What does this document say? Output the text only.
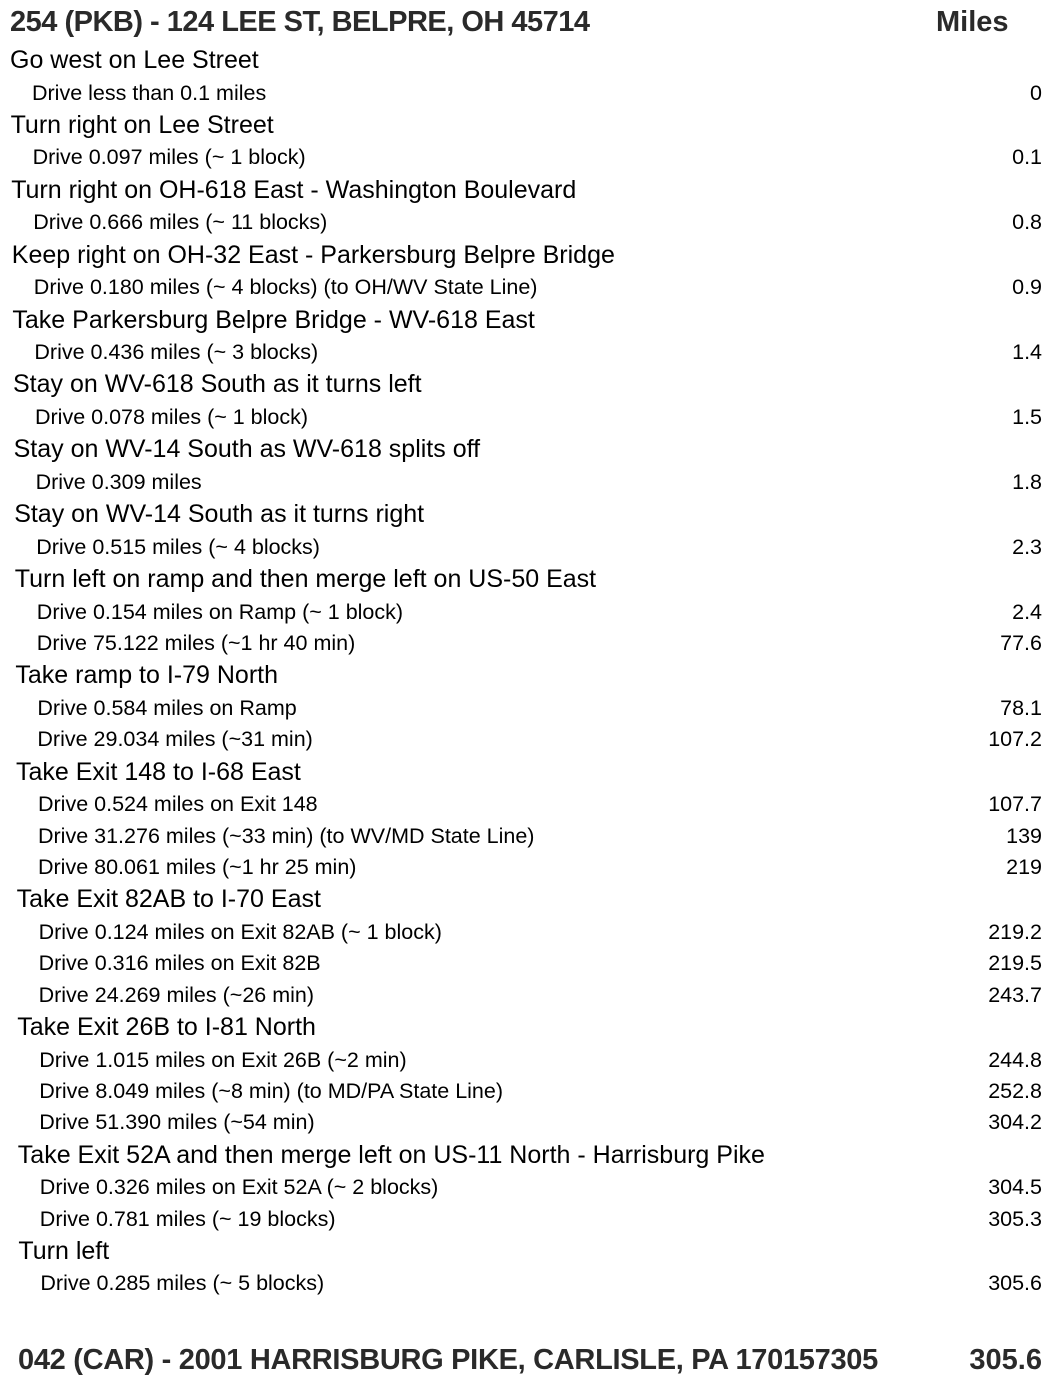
254 (PKB) - 124 LEE ST, BELPRE, OH 45714	Miles
Go west on Lee Street
Drive less than 0.1 miles	0
Turn right on Lee Street
Drive 0.097 miles (~ 1 block)	0.1
Turn right on OH-618 East - Washington Boulevard
Drive 0.666 miles (~ 11 blocks)	0.8
Keep right on OH-32 East - Parkersburg Belpre Bridge
Drive 0.180 miles (~ 4 blocks) (to OH/WV State Line)	0.9
Take Parkersburg Belpre Bridge - WV-618 East
Drive 0.436 miles (~ 3 blocks)	1.4
Stay on WV-618 South as it turns left
Drive 0.078 miles (~ 1 block)	1.5
Stay on WV-14 South as WV-618 splits off
Drive 0.309 miles	1.8
Stay on WV-14 South as it turns right
Drive 0.515 miles (~ 4 blocks)	2.3
Turn left on ramp and then merge left on US-50 East
Drive 0.154 miles on Ramp (~ 1 block)	2.4
Drive 75.122 miles (~1 hr 40 min)	77.6
Take ramp to I-79 North
Drive 0.584 miles on Ramp	78.1
Drive 29.034 miles (~31 min)	107.2
Take Exit 148 to I-68 East
Drive 0.524 miles on Exit 148	107.7
Drive 31.276 miles (~33 min) (to WV/MD State Line)	139
Drive 80.061 miles (~1 hr 25 min)	219
Take Exit 82AB to I-70 East
Drive 0.124 miles on Exit 82AB (~ 1 block)	219.2
Drive 0.316 miles on Exit 82B	219.5
Drive 24.269 miles (~26 min)	243.7
Take Exit 26B to I-81 North
Drive 1.015 miles on Exit 26B (~2 min)	244.8
Drive 8.049 miles (~8 min) (to MD/PA State Line)	252.8
Drive 51.390 miles (~54 min)	304.2
Take Exit 52A and then merge left on US-11 North - Harrisburg Pike
Drive 0.326 miles on Exit 52A (~ 2 blocks)	304.5
Drive 0.781 miles (~ 19 blocks)	305.3
Turn left
Drive 0.285 miles (~ 5 blocks)	305.6
042 (CAR) - 2001 HARRISBURG PIKE, CARLISLE, PA 170157305	305.6
